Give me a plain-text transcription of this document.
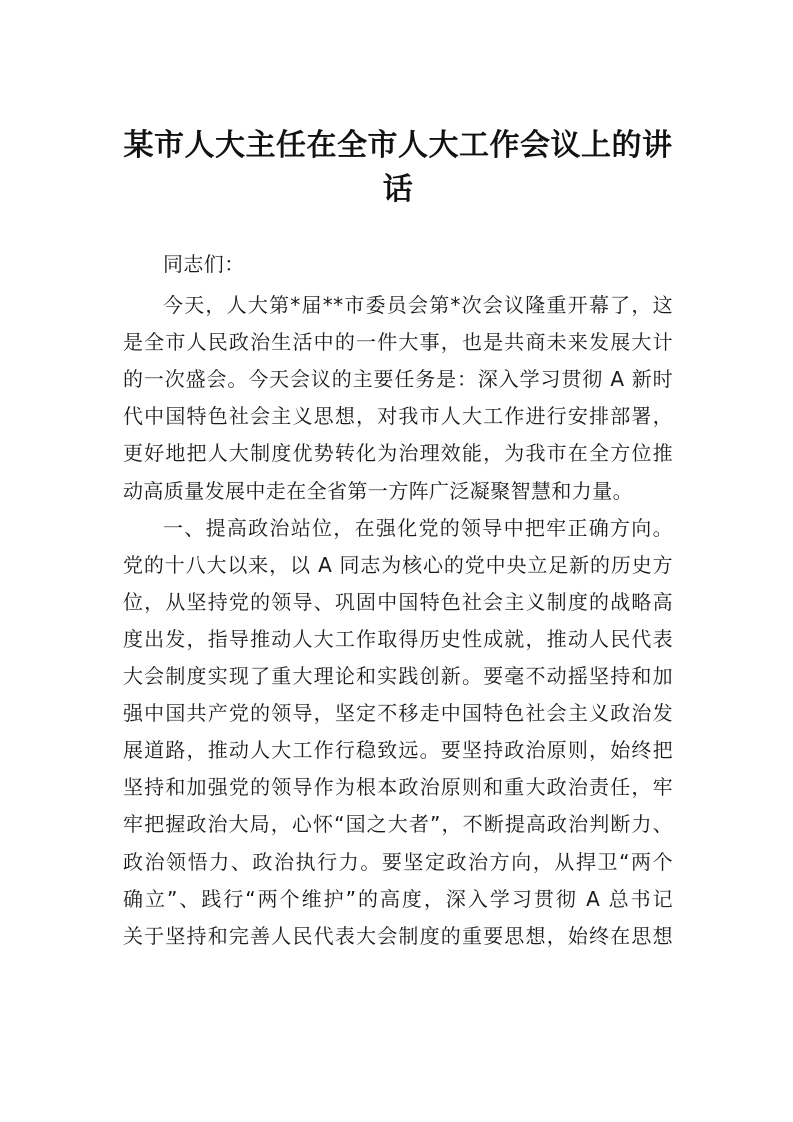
某市人大主任在全市人大工作会议上的讲
话
同志们：
今天，人大第*届**市委员会第*次会议隆重开幕了，这
是全市人民政治生活中的一件大事，也是共商未来发展大计
的一次盛会。今天会议的主要任务是：深入学习贯彻 A 新时
代中国特色社会主义思想，对我市人大工作进行安排部署，
更好地把人大制度优势转化为治理效能，为我市在全方位推
动高质量发展中走在全省第一方阵广泛凝聚智慧和力量。
一、提高政治站位，在强化党的领导中把牢正确方向。
党的十八大以来，以 A 同志为核心的党中央立足新的历史方
位，从坚持党的领导、巩固中国特色社会主义制度的战略高
度出发，指导推动人大工作取得历史性成就，推动人民代表
大会制度实现了重大理论和实践创新。要毫不动摇坚持和加
强中国共产党的领导，坚定不移走中国特色社会主义政治发
展道路，推动人大工作行稳致远。要坚持政治原则，始终把
坚持和加强党的领导作为根本政治原则和重大政治责任，牢
牢把握政治大局，心怀“国之大者”，不断提高政治判断力、
政治领悟力、政治执行力。要坚定政治方向，从捍卫“两个
确立”、践行“两个维护”的高度，深入学习贯彻 A 总书记
关于坚持和完善人民代表大会制度的重要思想，始终在思想
